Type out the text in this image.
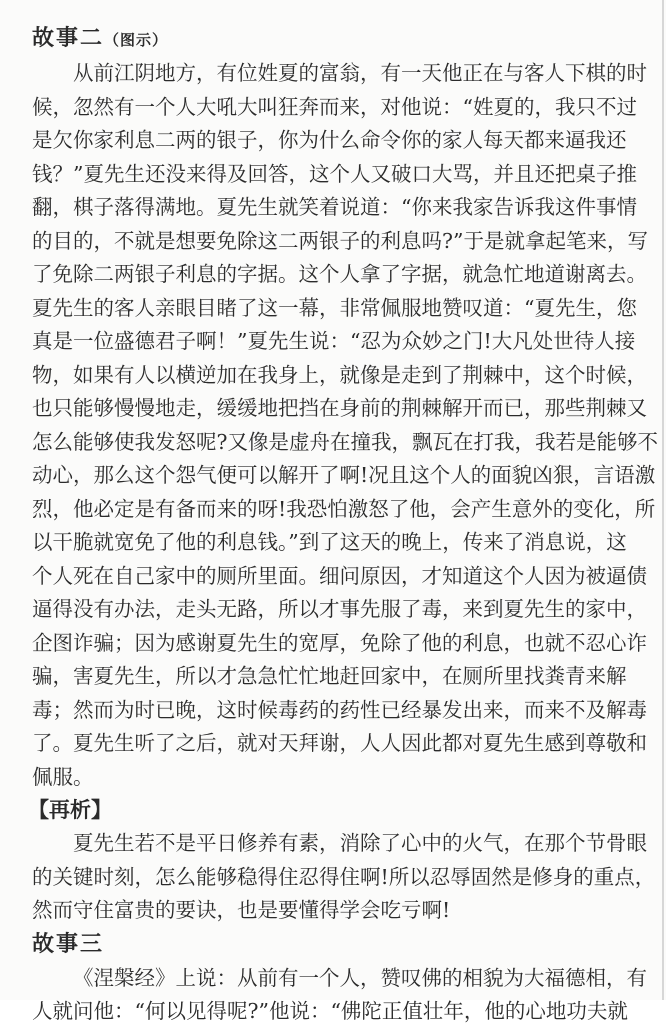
故事二（图示）
从前江阴地方，有位姓夏的富翁，有一天他正在与客人下棋的时
候，忽然有一个人大吼大叫狂奔而来，对他说：“姓夏的，我只不过
是欠你家利息二两的银子，你为什么命令你的家人每天都来逼我还
钱？”夏先生还没来得及回答，这个人又破口大骂，并且还把桌子推
翻，棋子落得满地。夏先生就笑着说道：“你来我家告诉我这件事情
的目的，不就是想要免除这二两银子的利息吗?”于是就拿起笔来，写
了免除二两银子利息的字据。这个人拿了字据，就急忙地道谢离去。
夏先生的客人亲眼目睹了这一幕，非常佩服地赞叹道：“夏先生，您
真是一位盛德君子啊！”夏先生说：“忍为众妙之门!大凡处世待人接
物，如果有人以横逆加在我身上，就像是走到了荆棘中，这个时候，
也只能够慢慢地走，缓缓地把挡在身前的荆棘解开而已，那些荆棘又
怎么能够使我发怒呢?又像是虚舟在撞我，飘瓦在打我，我若是能够不
动心，那么这个怨气便可以解开了啊!况且这个人的面貌凶狠，言语激
烈，他必定是有备而来的呀!我恐怕激怒了他，会产生意外的变化，所
以干脆就宽免了他的利息钱。”到了这天的晚上，传来了消息说，这
个人死在自己家中的厕所里面。细问原因，才知道这个人因为被逼债
逼得没有办法，走头无路，所以才事先服了毒，来到夏先生的家中，
企图诈骗；因为感谢夏先生的宽厚，免除了他的利息，也就不忍心诈
骗，害夏先生，所以才急急忙忙地赶回家中，在厕所里找粪青来解
毒；然而为时已晚，这时候毒药的药性已经暴发出来，而来不及解毒
了。夏先生听了之后，就对天拜谢，人人因此都对夏先生感到尊敬和
佩服。
【再析】
夏先生若不是平日修养有素，消除了心中的火气，在那个节骨眼
的关键时刻，怎么能够稳得住忍得住啊!所以忍辱固然是修身的重点，
然而守住富贵的要诀，也是要懂得学会吃亏啊!
故事三
《涅槃经》上说：从前有一个人，赞叹佛的相貌为大福德相，有
人就问他：“何以见得呢?”他说：“佛陀正值壮年，他的心地功夫就
